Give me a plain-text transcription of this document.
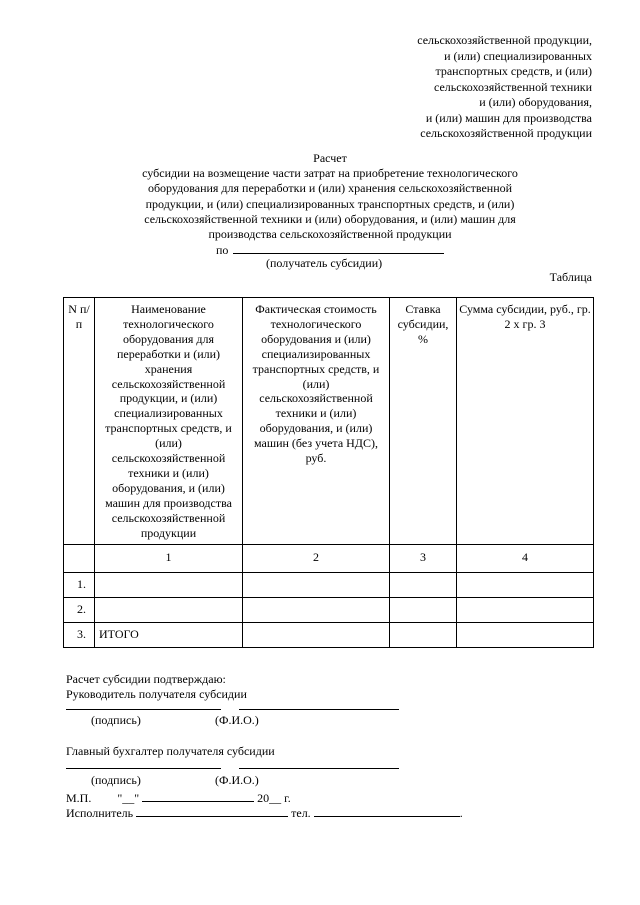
сельскохозяйственной продукции,
и (или) специализированных
транспортных средств, и (или)
сельскохозяйственной техники
и (или) оборудования,
и (или) машин для производства
сельскохозяйственной продукции
Расчет
субсидии на возмещение части затрат на приобретение технологического
оборудования для переработки и (или) хранения сельскохозяйственной
продукции, и (или) специализированных транспортных средств, и (или)
сельскохозяйственной техники и (или) оборудования, и (или) машин для
производства сельскохозяйственной продукции
по
(получатель субсидии)
Таблица
N п/п	Наименование технологического оборудования для переработки и (или) хранения сельскохозяйственной продукции, и (или) специализированных транспортных средств, и (или) сельскохозяйственной техники и (или) оборудования, и (или) машин для производства сельскохозяйственной продукции	Фактическая стоимость технологического оборудования и (или) специализированных транспортных средств, и (или) сельскохозяйственной техники и (или) оборудования, и (или) машин (без учета НДС), руб.	Ставка субсидии, %	Сумма субсидии, руб., гр. 2 x гр. 3
	1	2	3	4
1.				
2.				
3.	ИТОГО			
Расчет субсидии подтверждаю:
Руководитель получателя субсидии
(подпись)	(Ф.И.О.)
Главный бухгалтер получателя субсидии
(подпись)	(Ф.И.О.)
М.П. "__"	20__ г.
Исполнитель	тел.	.
